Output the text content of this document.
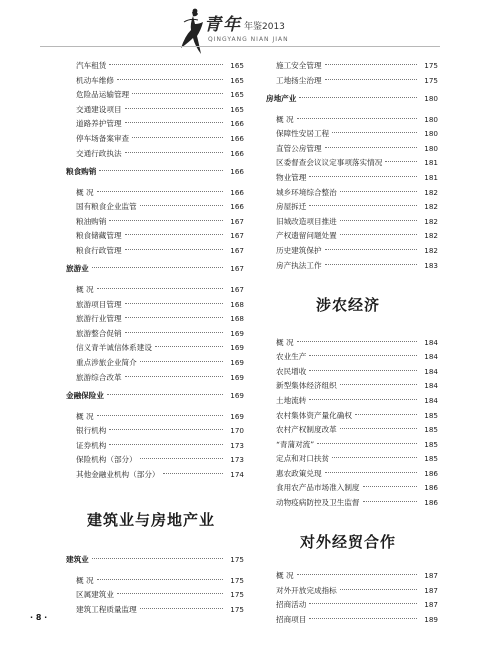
青年 年鉴2013
QINGYANG NIAN JIAN
汽车租赁	165
机动车维修	165
危险品运输管理	165
交通建设项目	165
道路养护管理	166
停车场备案审查	166
交通行政执法	166
粮食购销	166
概 况	166
国有粮食企业监管	166
粮油购销	167
粮食储藏管理	167
粮食行政管理	167
旅游业	167
概 况	167
旅游项目管理	168
旅游行业管理	168
旅游整合促销	169
信义青羊诚信体系建设	169
重点涉旅企业简介	169
旅游综合改革	169
金融保险业	169
概 况	169
银行机构	170
证券机构	173
保险机构（部分）	173
其他金融业机构（部分）	174
建筑业与房地产业
建筑业	175
概 况	175
区属建筑业	175
建筑工程质量监理	175
施工安全管理	175
工地扬尘治理	175
房地产业	180
概 况	180
保障性安居工程	180
直管公房管理	180
区委督查会议议定事项落实情况	181
物业管理	181
城乡环境综合整治	182
房屋拆迁	182
旧城改造项目推进	182
产权遗留问题处置	182
历史建筑保护	182
房产执法工作	183
涉农经济
概 况	184
农业生产	184
农民增收	184
新型集体经济组织	184
土地流转	184
农村集体资产量化确权	185
农村产权制度改革	185
“青蒲对流”	185
定点和对口扶贫	185
惠农政策兑现	186
食用农产品市场准入制度	186
动物疫病防控及卫生监督	186
对外经贸合作
概 况	187
对外开放完成指标	187
招商活动	187
招商项目	189
· 8 ·
